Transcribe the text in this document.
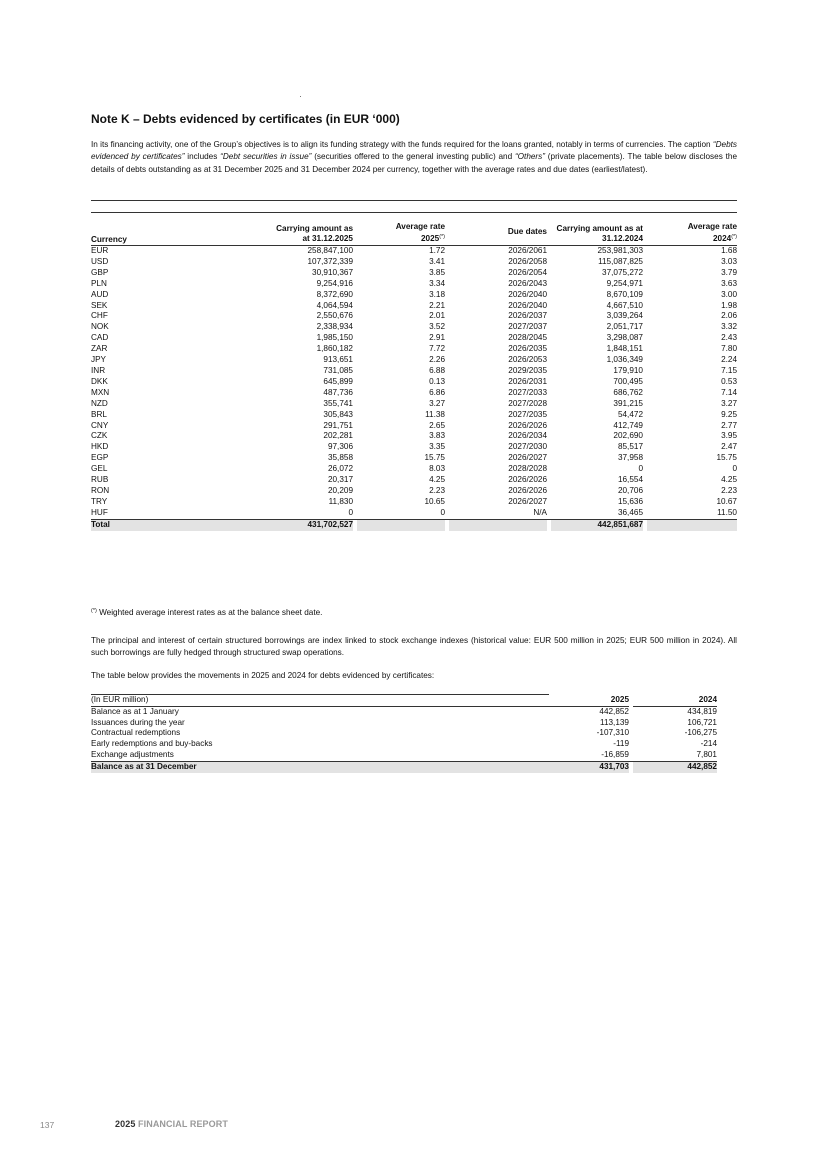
Note K – Debts evidenced by certificates (in EUR ‘000)
In its financing activity, one of the Group’s objectives is to align its funding strategy with the funds required for the loans granted, notably in terms of currencies. The caption “Debts evidenced by certificates” includes “Debt securities in issue” (securities offered to the general investing public) and “Others” (private placements). The table below discloses the details of debts outstanding as at 31 December 2025 and 31 December 2024 per currency, together with the average rates and due dates (earliest/latest).
Currency	Carrying amount as at 31.12.2025		Average rate 2025(*)		Due dates		Carrying amount as at 31.12.2024		Average rate 2024(*)

EUR	258,847,100		1.72		2026/2061		253,981,303		1.68
USD	107,372,339		3.41		2026/2058		115,087,825		3.03
GBP	30,910,367		3.85		2026/2054		37,075,272		3.79
PLN	9,254,916		3.34		2026/2043		9,254,971		3.63
AUD	8,372,690		3.18		2026/2040		8,670,109		3.00
SEK	4,064,594		2.21		2026/2040		4,667,510		1.98
CHF	2,550,676		2.01		2026/2037		3,039,264		2.06
NOK	2,338,934		3.52		2027/2037		2,051,717		3.32
CAD	1,985,150		2.91		2028/2045		3,298,087		2.43
ZAR	1,860,182		7.72		2026/2035		1,848,151		7.80
JPY	913,651		2.26		2026/2053		1,036,349		2.24
INR	731,085		6.88		2029/2035		179,910		7.15
DKK	645,899		0.13		2026/2031		700,495		0.53
MXN	487,736		6.86		2027/2033		686,762		7.14
NZD	355,741		3.27		2027/2028		391,215		3.27
BRL	305,843		11.38		2027/2035		54,472		9.25
CNY	291,751		2.65		2026/2026		412,749		2.77
CZK	202,281		3.83		2026/2034		202,690		3.95
HKD	97,306		3.35		2027/2030		85,517		2.47
EGP	35,858		15.75		2026/2027		37,958		15.75
GEL	26,072		8.03		2028/2028		0		0
RUB	20,317		4.25		2026/2026		16,554		4.25
RON	20,209		2.23		2026/2026		20,706		2.23
TRY	11,830		10.65		2026/2027		15,636		10.67
HUF	0		0		N/A		36,465		11.50
Total	431,702,527						442,851,687		
(*) Weighted average interest rates as at the balance sheet date.
The principal and interest of certain structured borrowings are index linked to stock exchange indexes (historical value: EUR 500 million in 2025; EUR 500 million in 2024). All such borrowings are fully hedged through structured swap operations.
The table below provides the movements in 2025 and 2024 for debts evidenced by certificates:
(In EUR million)	2025		2024
Balance as at 1 January	442,852		434,819
Issuances during the year	113,139		106,721
Contractual redemptions	-107,310		-106,275
Early redemptions and buy-backs	-119		-214
Exchange adjustments	-16,859		7,801
Balance as at 31 December	431,703		442,852
137	2025 FINANCIAL REPORT
